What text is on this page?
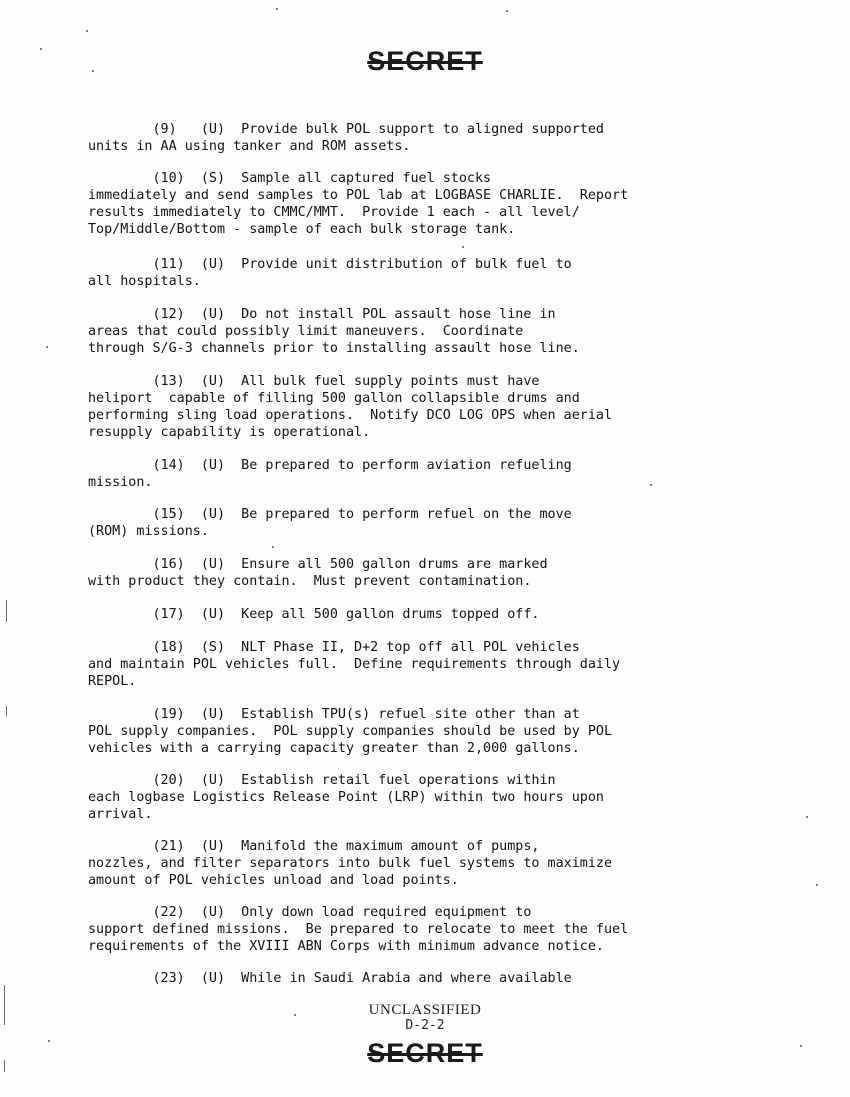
SECRET
(9)   (U)  Provide bulk POL support to aligned supported
units in AA using tanker and ROM assets.
(10)  (S)  Sample all captured fuel stocks
immediately and send samples to POL lab at LOGBASE CHARLIE.  Report
results immediately to CMMC/MMT.  Provide 1 each - all level/
Top/Middle/Bottom - sample of each bulk storage tank.
(11)  (U)  Provide unit distribution of bulk fuel to
all hospitals.
(12)  (U)  Do not install POL assault hose line in
areas that could possibly limit maneuvers.  Coordinate
through S/G-3 channels prior to installing assault hose line.
(13)  (U)  All bulk fuel supply points must have
heliport  capable of filling 500 gallon collapsible drums and
performing sling load operations.  Notify DCO LOG OPS when aerial
resupply capability is operational.
(14)  (U)  Be prepared to perform aviation refueling
mission.
(15)  (U)  Be prepared to perform refuel on the move
(ROM) missions.
(16)  (U)  Ensure all 500 gallon drums are marked
with product they contain.  Must prevent contamination.
(17)  (U)  Keep all 500 gallon drums topped off.
(18)  (S)  NLT Phase II, D+2 top off all POL vehicles
and maintain POL vehicles full.  Define requirements through daily
REPOL.
(19)  (U)  Establish TPU(s) refuel site other than at
POL supply companies.  POL supply companies should be used by POL
vehicles with a carrying capacity greater than 2,000 gallons.
(20)  (U)  Establish retail fuel operations within
each logbase Logistics Release Point (LRP) within two hours upon
arrival.
(21)  (U)  Manifold the maximum amount of pumps,
nozzles, and filter separators into bulk fuel systems to maximize
amount of POL vehicles unload and load points.
(22)  (U)  Only down load required equipment to
support defined missions.  Be prepared to relocate to meet the fuel
requirements of the XVIII ABN Corps with minimum advance notice.
(23)  (U)  While in Saudi Arabia and where available
UNCLASSIFIED
D-2-2
SECRET
